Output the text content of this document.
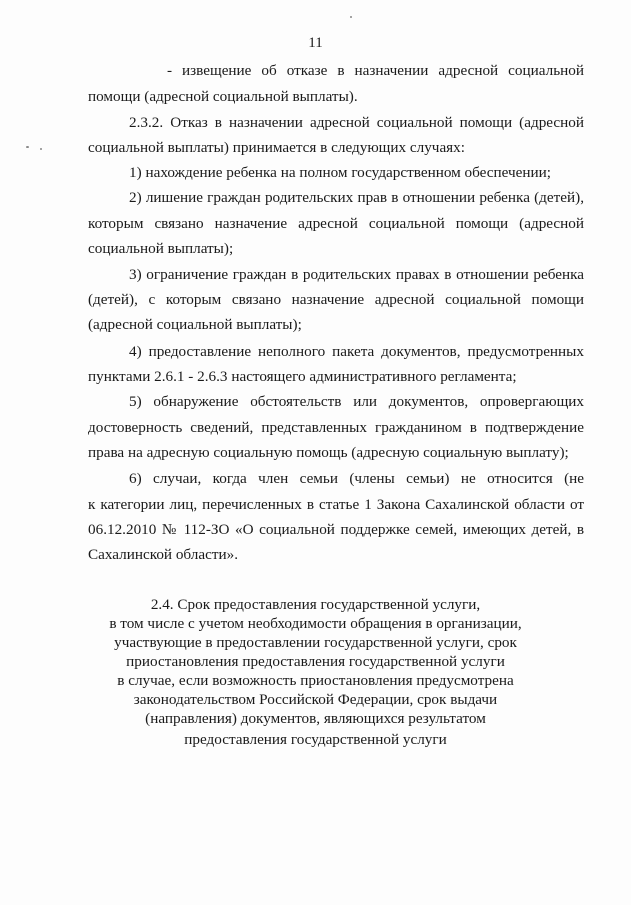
11
- извещение об отказе в назначении адресной социальной
помощи (адресной социальной выплаты).
2.3.2. Отказ в назначении адресной социальной помощи (адресной
социальной выплаты) принимается в следующих случаях:
1) нахождение ребенка на полном государственном обеспечении;
2) лишение граждан родительских прав в отношении ребенка (детей),
которым связано назначение адресной социальной помощи (адресной
социальной выплаты);
3) ограничение граждан в родительских правах в отношении ребенка
(детей), с которым связано назначение адресной социальной помощи
(адресной социальной выплаты);
4) предоставление неполного пакета документов, предусмотренных
пунктами 2.6.1 - 2.6.3 настоящего административного регламента;
5) обнаружение обстоятельств или документов, опровергающих
достоверность сведений, представленных гражданином в подтверждение
права на адресную социальную помощь (адресную социальную выплату);
6) случаи, когда член семьи (члены семьи) не относится (не
к категории лиц, перечисленных в статье 1 Закона Сахалинской области от
06.12.2010 № 112-ЗО «О социальной поддержке семей, имеющих детей, в
Сахалинской области».
2.4. Срок предоставления государственной услуги,
в том числе с учетом необходимости обращения в организации,
участвующие в предоставлении государственной услуги, срок
приостановления предоставления государственной услуги
в случае, если возможность приостановления предусмотрена
законодательством Российской Федерации, срок выдачи
(направления) документов, являющихся результатом
предоставления государственной услуги
